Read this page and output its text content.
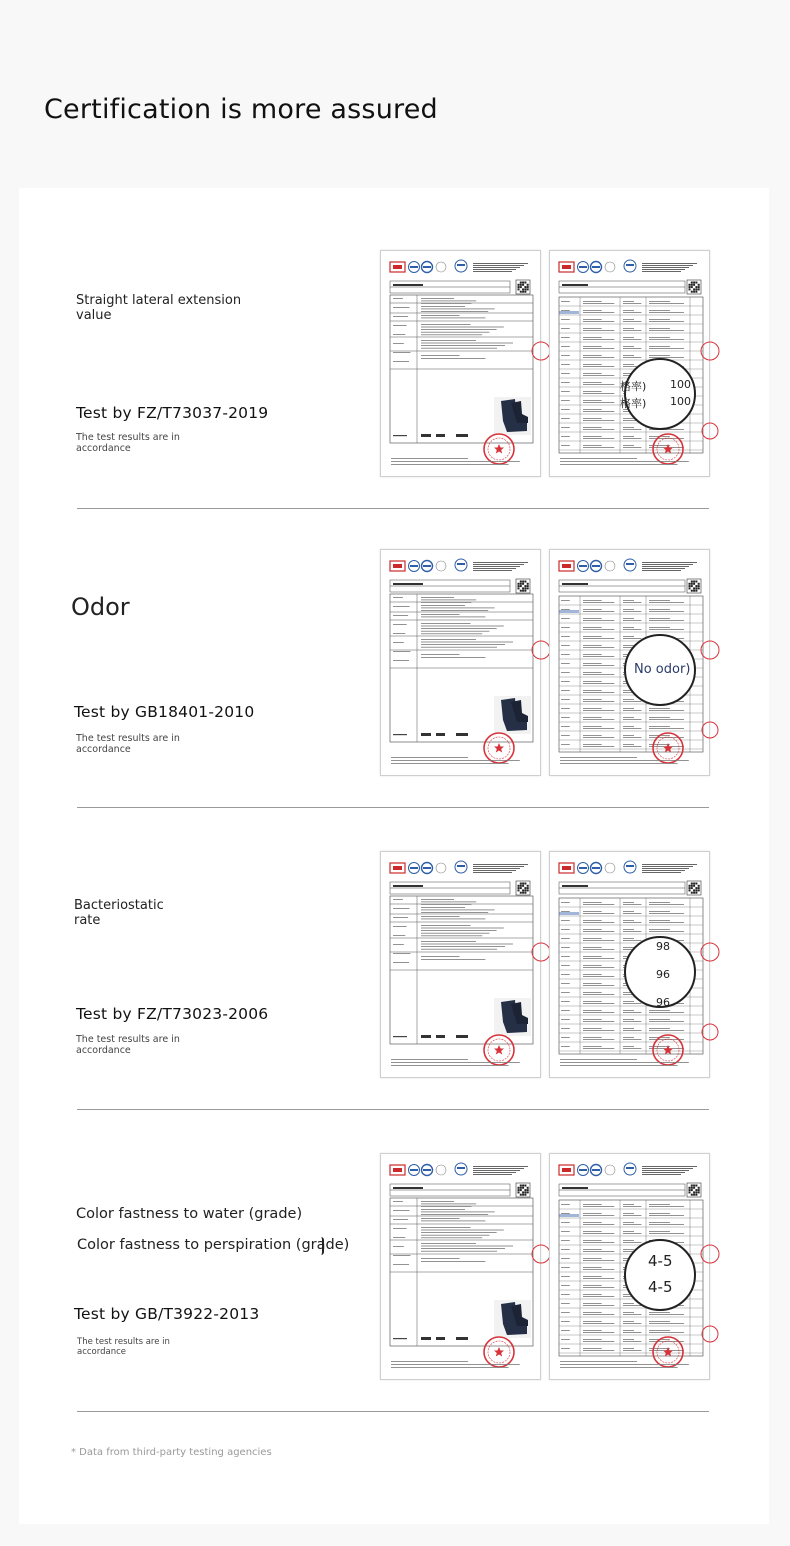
Certification is more assured
Straight lateral extension
value
Test by FZ/T73037-2019
The test results are in
accordance
格率) 100
格率) 100
Odor
Test by GB18401-2010
The test results are in
accordance
No odor)
Bacteriostatic
rate
Test by FZ/T73023-2006
The test results are in
accordance
98
96
96
Color fastness to water (grade)
Color fastness to perspiration (grade)
Test by GB/T3922-2013
The test results are in
accordance
4-5
4-5
* Data from third-party testing agencies
